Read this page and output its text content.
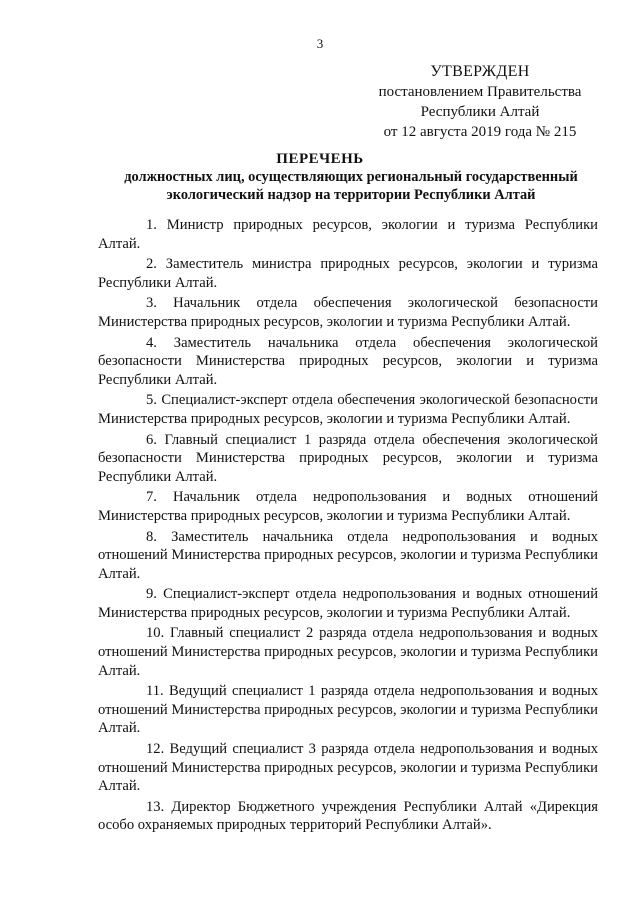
3
УТВЕРЖДЕН
постановлением Правительства
Республики Алтай
от 12 августа 2019 года № 215
ПЕРЕЧЕНЬ
должностных лиц, осуществляющих региональный государственный экологический надзор на территории Республики Алтай

1. Министр природных ресурсов, экологии и туризма Республики Алтай.

2. Заместитель министра природных ресурсов, экологии и туризма Республики Алтай.

3. Начальник отдела обеспечения экологической безопасности Министерства природных ресурсов, экологии и туризма Республики Алтай.

4. Заместитель начальника отдела обеспечения экологической безопасности Министерства природных ресурсов, экологии и туризма Республики Алтай.

5. Специалист-эксперт отдела обеспечения экологической безопасности Министерства природных ресурсов, экологии и туризма Республики Алтай.

6. Главный специалист 1 разряда отдела обеспечения экологической безопасности Министерства природных ресурсов, экологии и туризма Республики Алтай.

7. Начальник отдела недропользования и водных отношений Министерства природных ресурсов, экологии и туризма Республики Алтай.

8. Заместитель начальника отдела недропользования и водных отношений Министерства природных ресурсов, экологии и туризма Республики Алтай.

9. Специалист-эксперт отдела недропользования и водных отношений Министерства природных ресурсов, экологии и туризма Республики Алтай.

10. Главный специалист 2 разряда отдела недропользования и водных отношений Министерства природных ресурсов, экологии и туризма Республики Алтай.

11. Ведущий специалист 1 разряда отдела недропользования и водных отношений Министерства природных ресурсов, экологии и туризма Республики Алтай.

12. Ведущий специалист 3 разряда отдела недропользования и водных отношений Министерства природных ресурсов, экологии и туризма Республики Алтай.

13. Директор Бюджетного учреждения Республики Алтай «Дирекция особо охраняемых природных территорий Республики Алтай».
